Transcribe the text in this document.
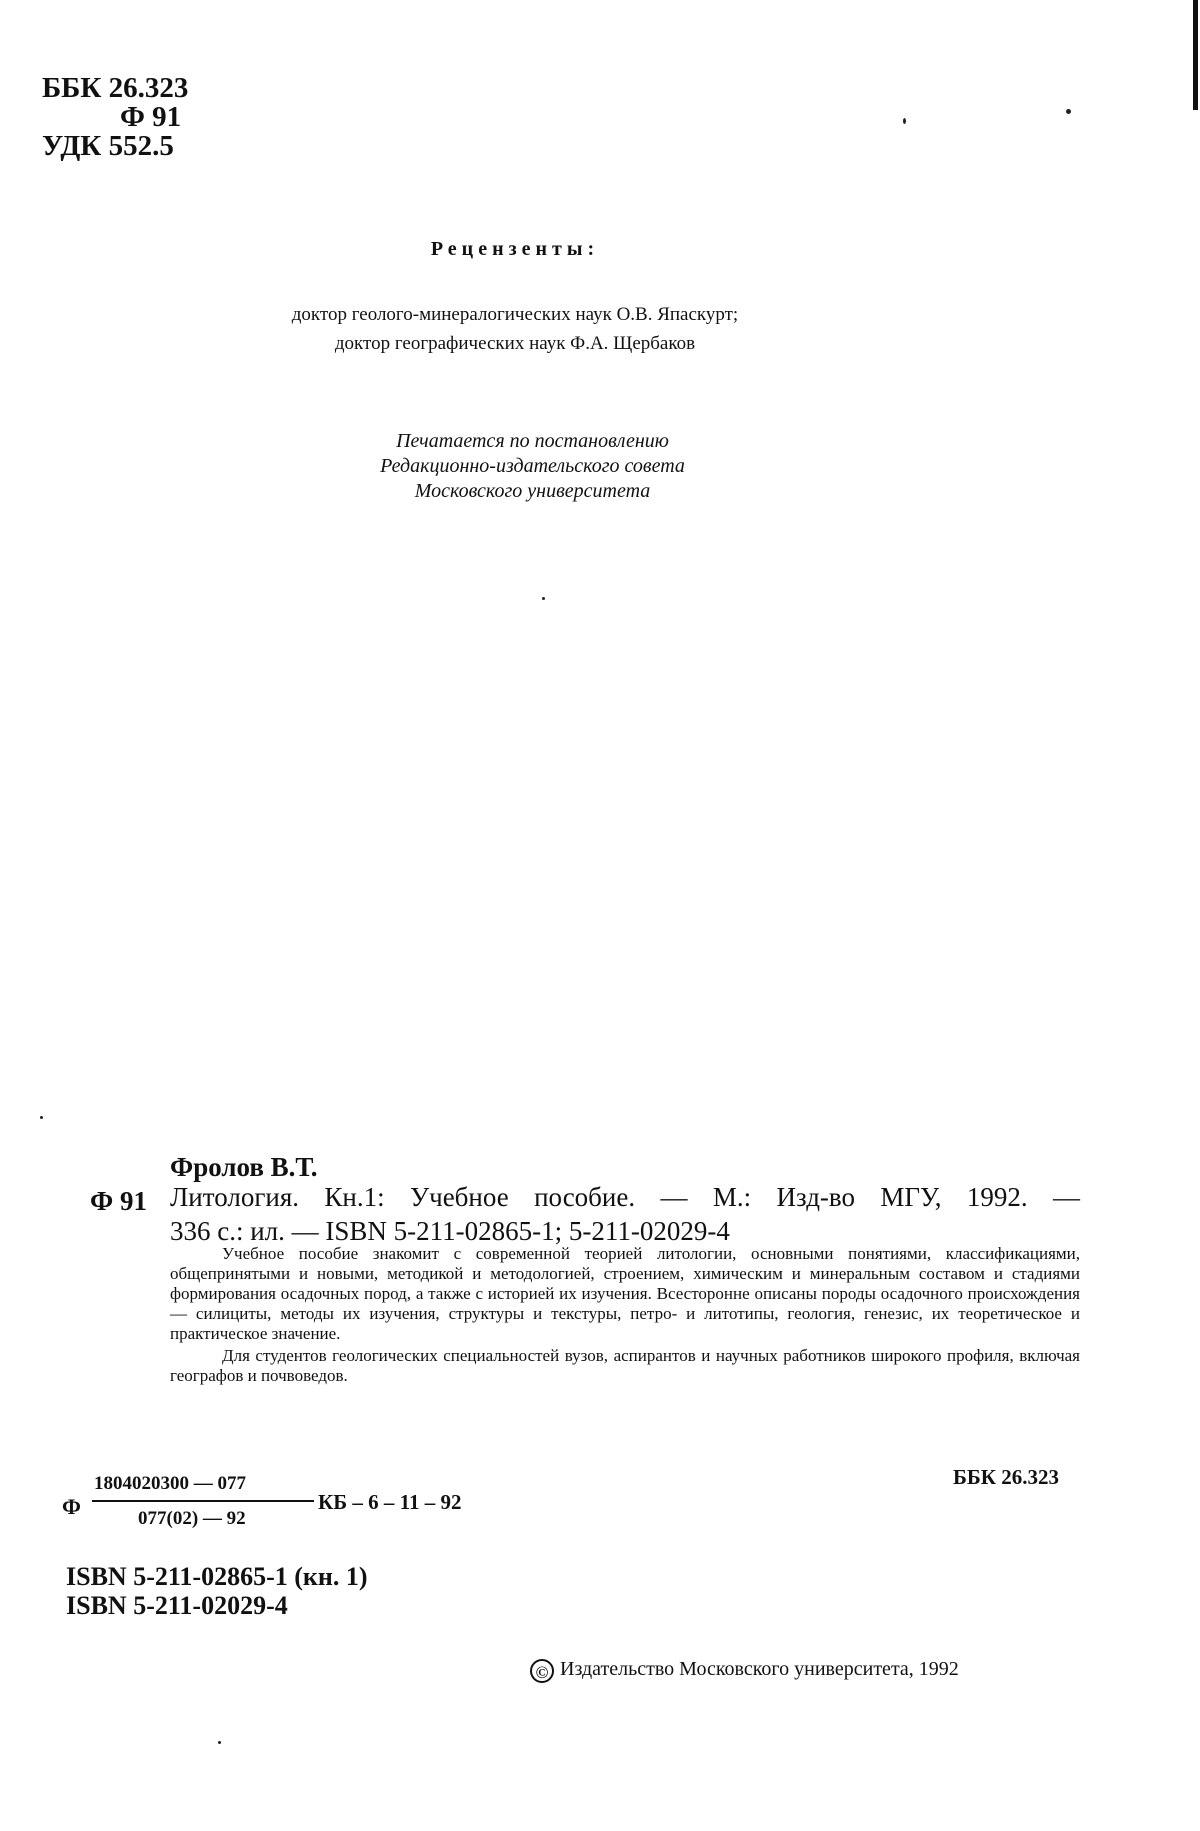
ББК 26.323
Ф 91
УДК 552.5
Рецензенты:
доктор геолого-минералогических наук О.В. Япаскурт;
доктор географических наук Ф.А. Щербаков
Печатается по постановлению
Редакционно-издательского совета
Московского университета
Фролов В.Т.
Ф 91 Литология. Кн.1: Учебное пособие. — М.: Изд-во МГУ, 1992. —
336 с.: ил. — ISBN 5-211-02865-1; 5-211-02029-4

Учебное пособие знакомит с современной теорией литологии, основными понятиями, классификациями, общепринятыми и новыми, методикой и методологией, строением, химическим и минеральным составом и стадиями формирования осадочных пород, а также с историей их изучения. Всесторонне описаны породы осадочного происхождения — силициты, методы их изучения, структуры и текстуры, петро- и литотипы, геология, генезис, их теоретическое и практическое значение.

Для студентов геологических специальностей вузов, аспирантов и научных работников широкого профиля, включая географов и почвоведов.

Ф
1804020300 — 077
077(02) — 92
КБ – 6 – 11 – 92
ББК 26.323
ISBN 5-211-02865-1 (кн. 1)
ISBN 5-211-02029-4
© Издательство Московского университета, 1992
